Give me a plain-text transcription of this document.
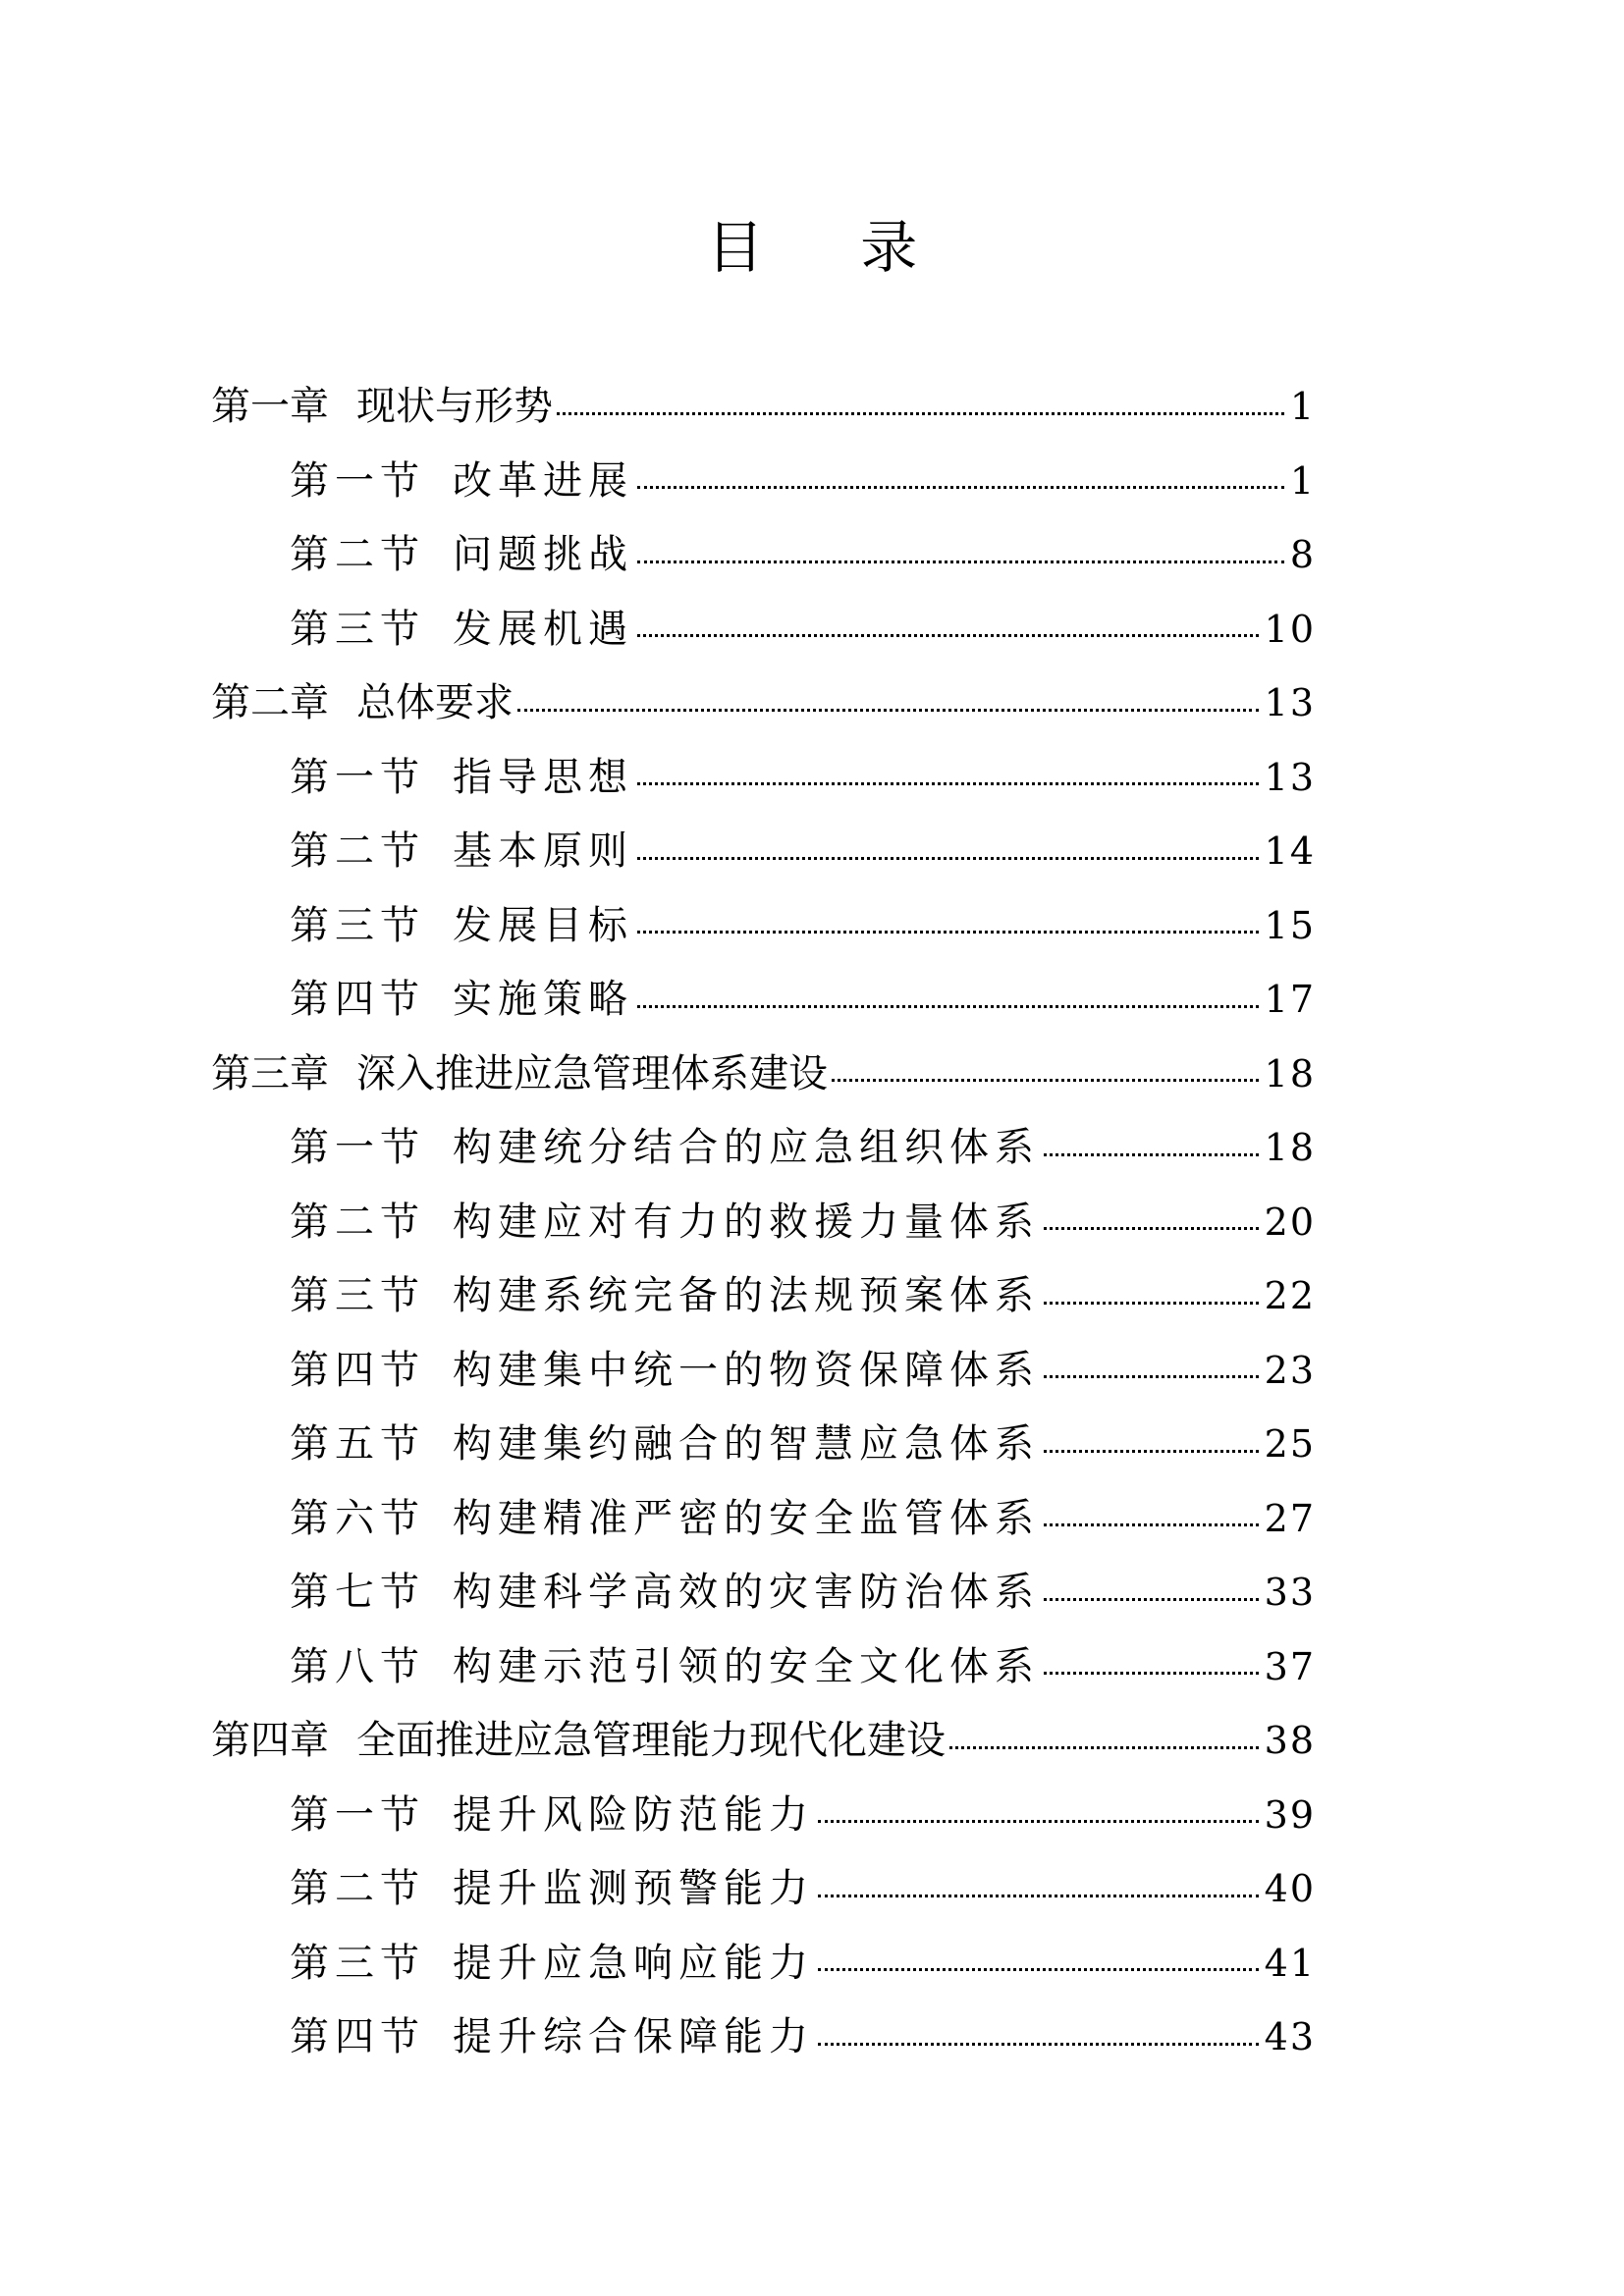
目 录
第一章 现状与形势	1
第一节 改革进展	1
第二节 问题挑战	8
第三节 发展机遇	10
第二章 总体要求	13
第一节 指导思想	13
第二节 基本原则	14
第三节 发展目标	15
第四节 实施策略	17
第三章 深入推进应急管理体系建设	18
第一节 构建统分结合的应急组织体系	18
第二节 构建应对有力的救援力量体系	20
第三节 构建系统完备的法规预案体系	22
第四节 构建集中统一的物资保障体系	23
第五节 构建集约融合的智慧应急体系	25
第六节 构建精准严密的安全监管体系	27
第七节 构建科学高效的灾害防治体系	33
第八节 构建示范引领的安全文化体系	37
第四章 全面推进应急管理能力现代化建设	38
第一节 提升风险防范能力	39
第二节 提升监测预警能力	40
第三节 提升应急响应能力	41
第四节 提升综合保障能力	43
